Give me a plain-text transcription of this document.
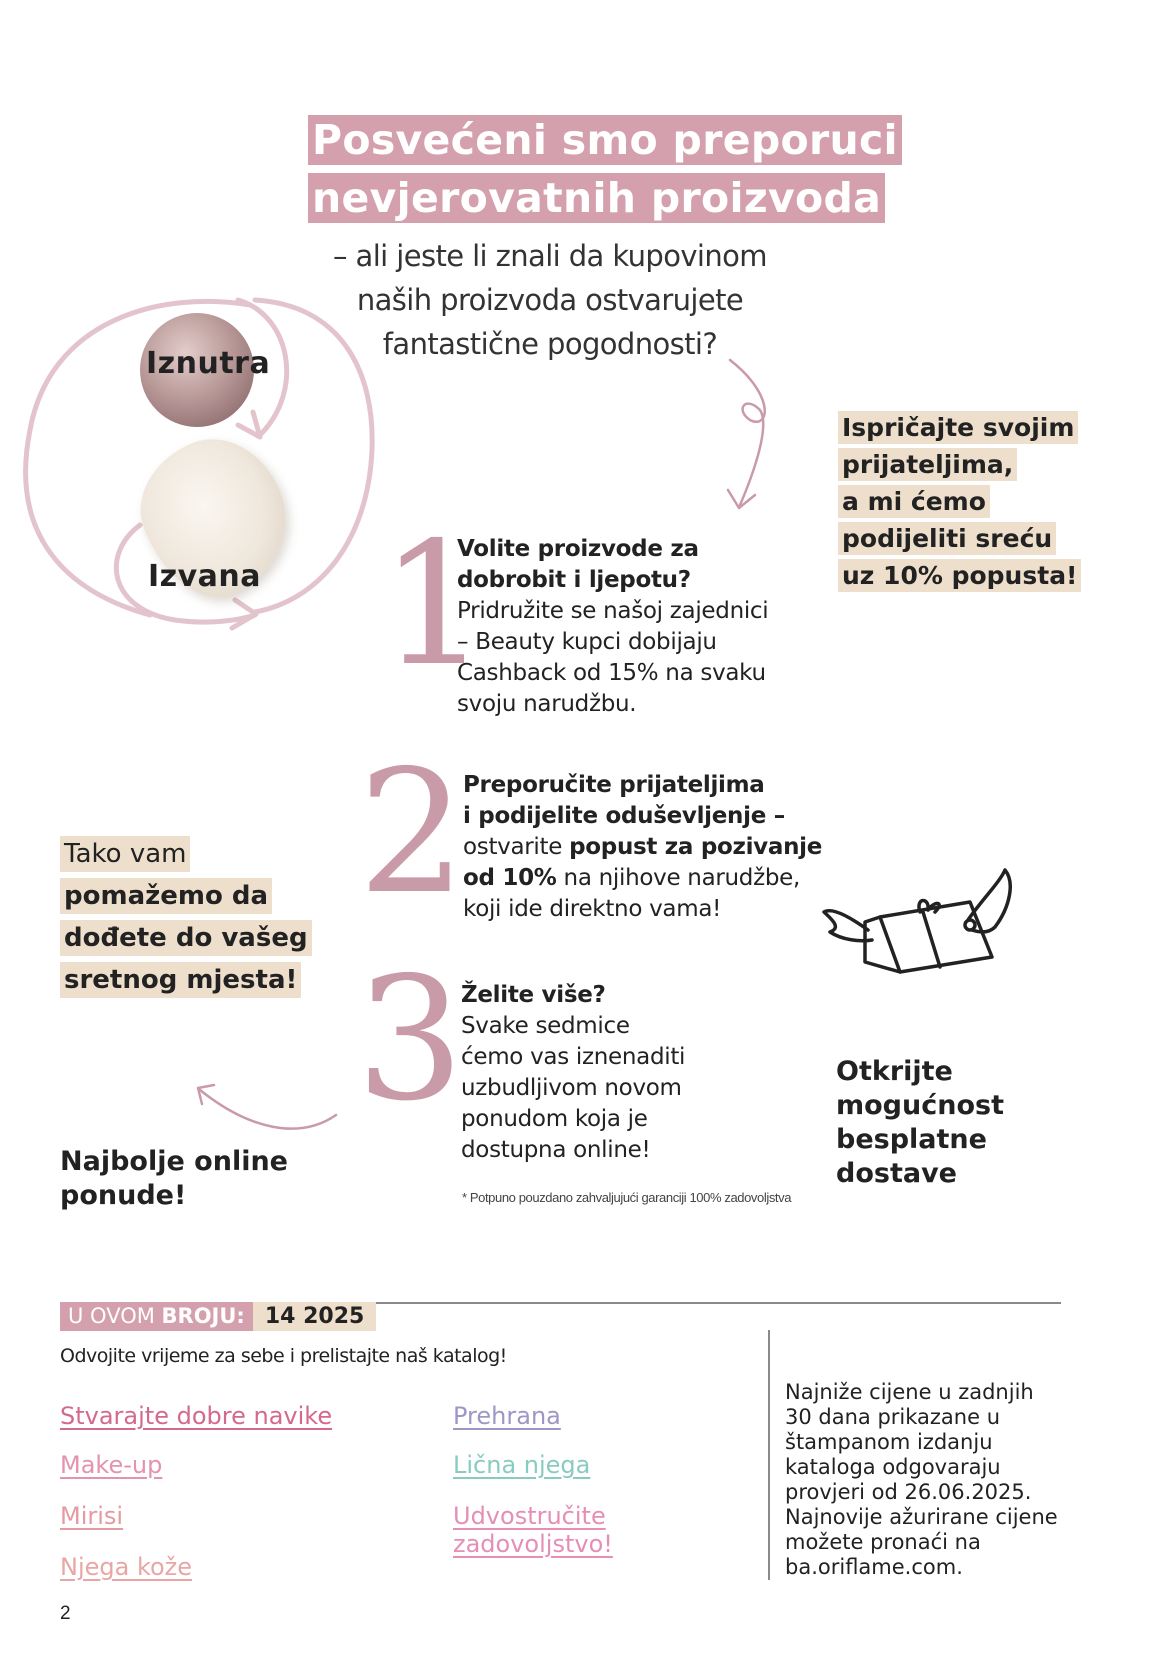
Posvećeni smo preporuci
nevjerovatnih proizvoda
– ali jeste li znali da kupovinom
naših proizvoda ostvarujete
fantastične pogodnosti?
Iznutra
Izvana
Ispričajte svojim
prijateljima,
a mi ćemo
podijeliti sreću
uz 10% popusta!
1
Volite proizvode za
dobrobit i ljepotu?
Pridružite se našoj zajednici
– Beauty kupci dobijaju
Cashback od 15% na svaku
svoju narudžbu.
2
Preporučite prijateljima
i podijelite oduševljenje –
ostvarite popust za pozivanje
od 10% na njihove narudžbe,
koji ide direktno vama!
Tako vam
pomažemo da
dođete do vašeg
sretnog mjesta! 3
Želite više?
Svake sedmice
ćemo vas iznenaditi
uzbudljivom novom
ponudom koja je
dostupna online!
* Potpuno pouzdano zahvaljujući garanciji 100% zadovoljstva
Otkrijte
mogućnost
besplatne
dostave
Najbolje online
ponude!
U OVOM BROJU: 14 2025
Odvojite vrijeme za sebe i prelistajte naš katalog!
Stvarajte dobre navike
Make-up
Mirisi
Njega kože
Prehrana
Lična njega
Udvostručite
zadovoljstvo!
Najniže cijene u zadnjih
30 dana prikazane u
štampanom izdanju
kataloga odgovaraju
provjeri od 26.06.2025.
Najnovije ažurirane cijene
možete pronaći na
ba.oriflame.com.
2
